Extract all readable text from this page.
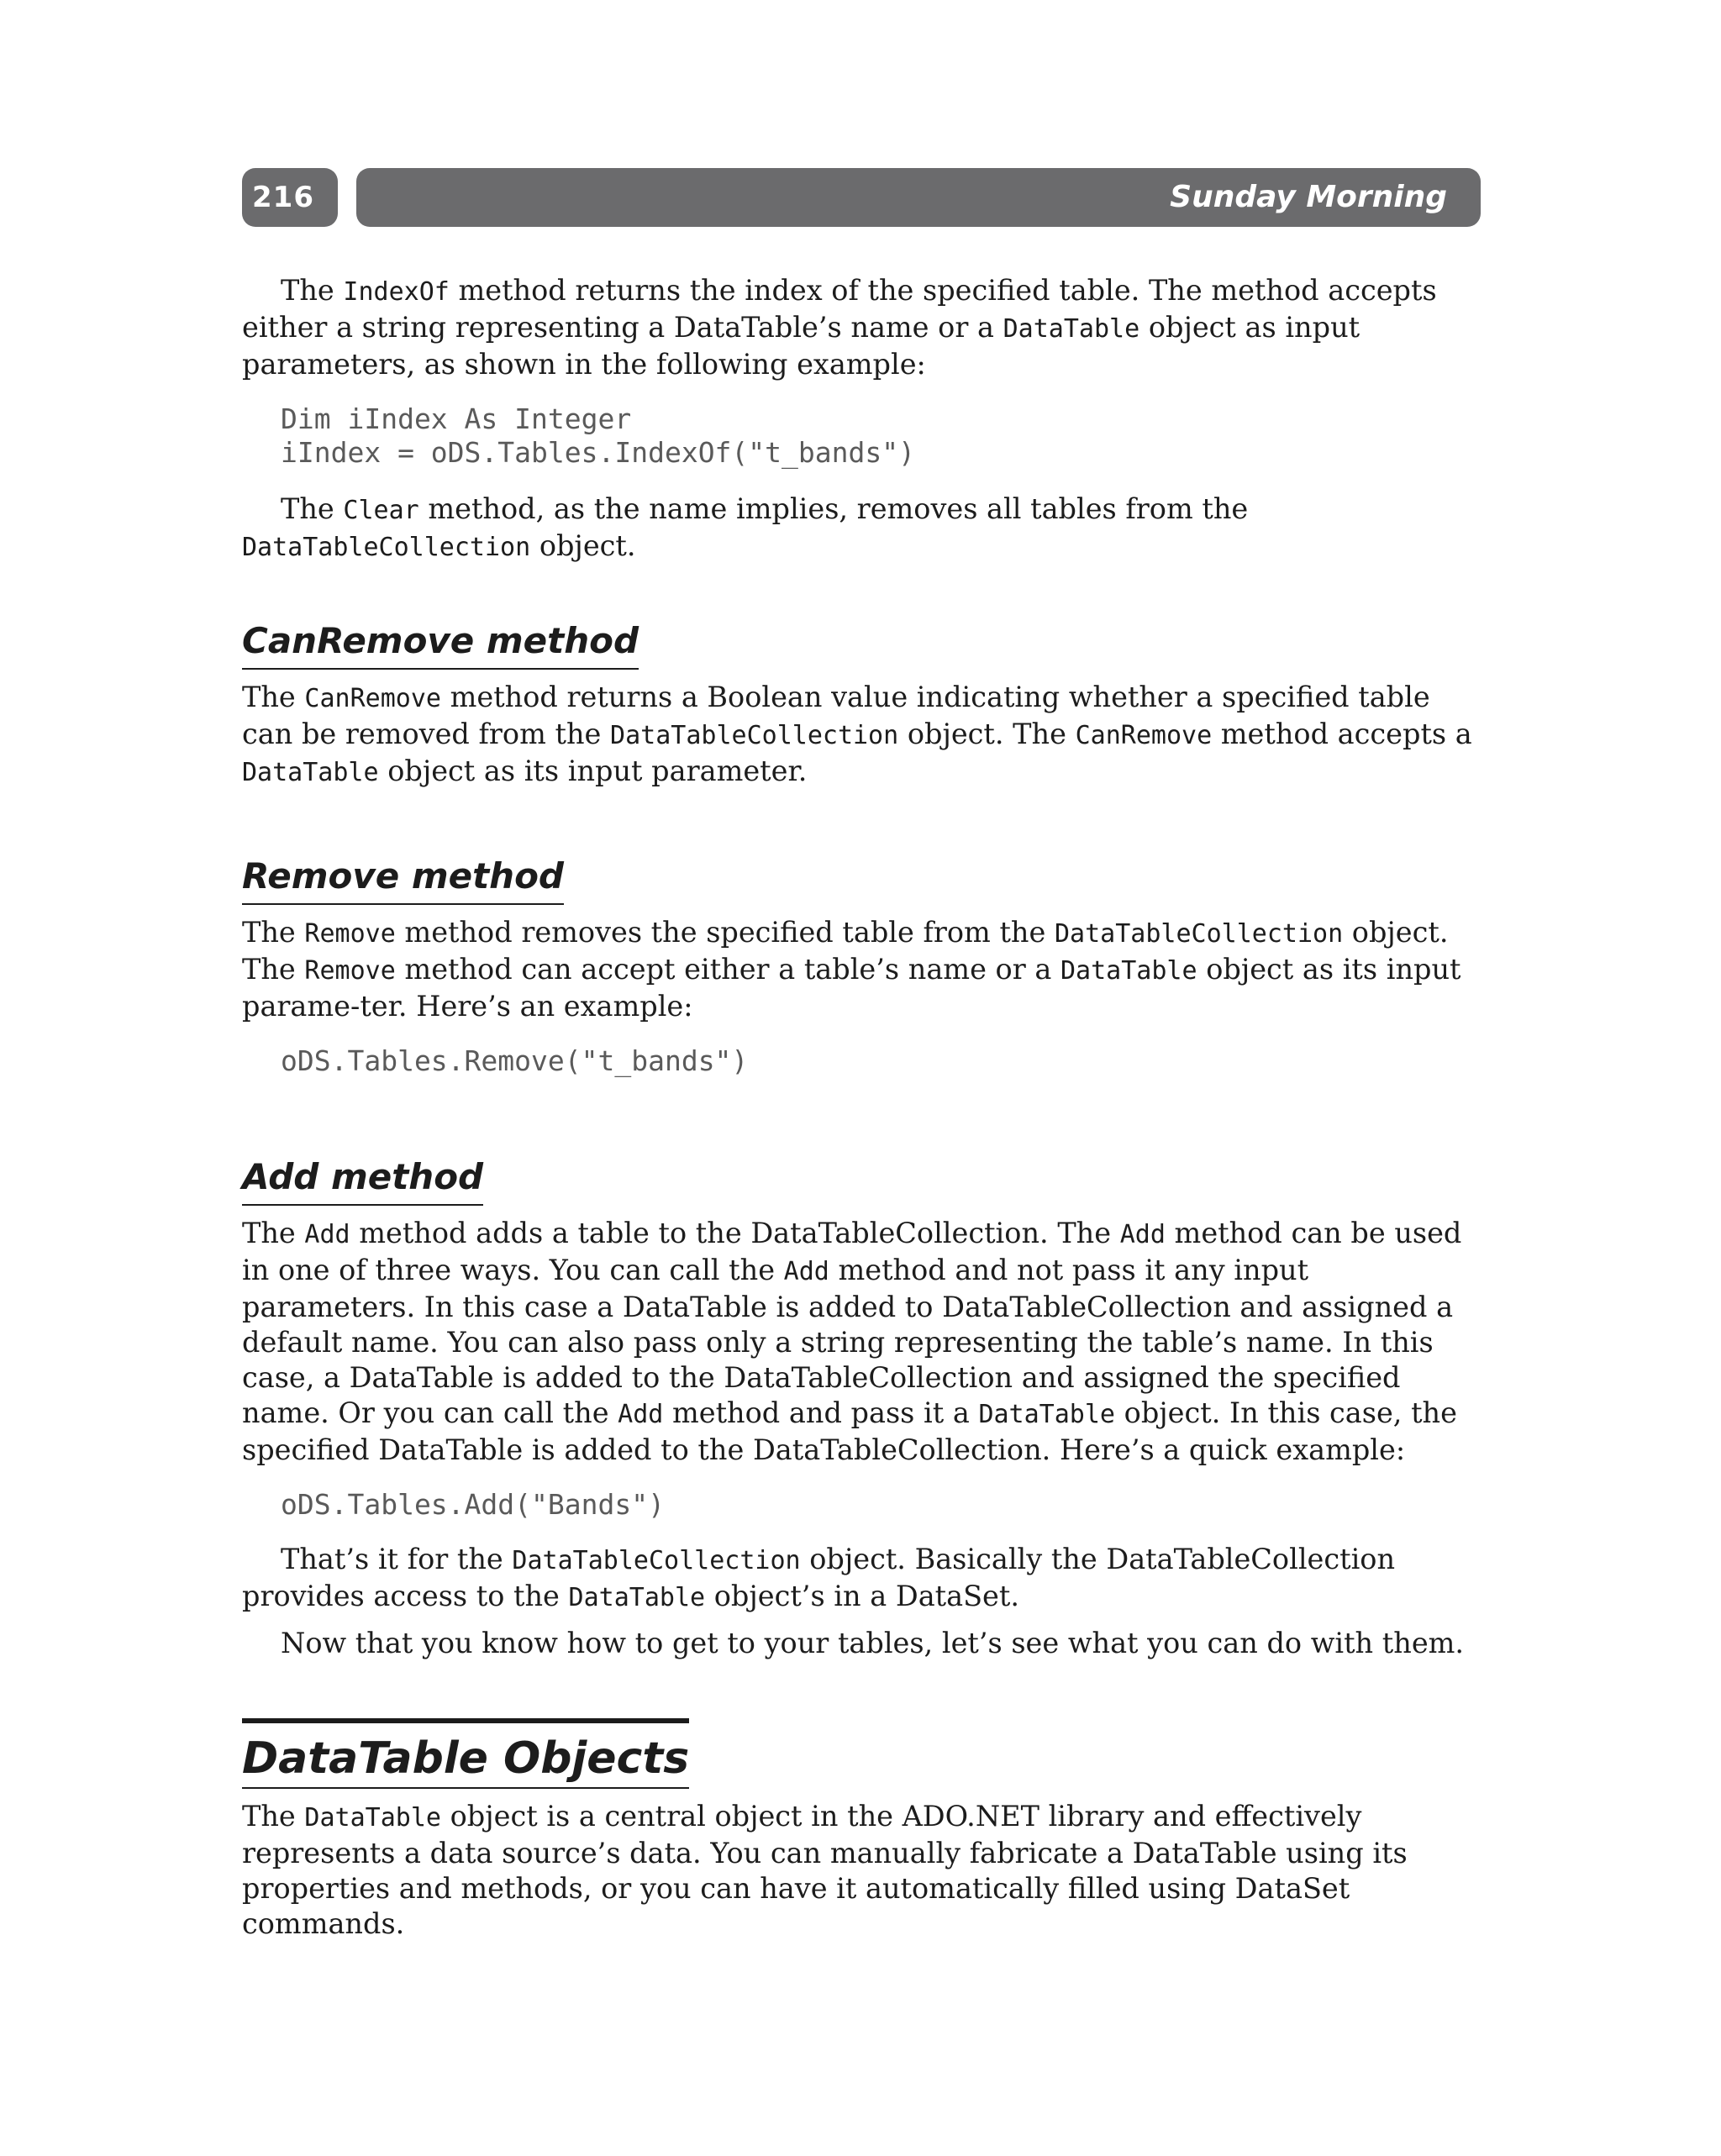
216	Sunday Morning

The IndexOf method returns the index of the specified table. The method accepts either a string representing a DataTable’s name or a DataTable object as input parameters, as shown in the following example:

Dim iIndex As Integer
iIndex = oDS.Tables.IndexOf("t_bands")

The Clear method, as the name implies, removes all tables from the DataTableCollection object.

CanRemove method

The CanRemove method returns a Boolean value indicating whether a specified table can be removed from the DataTableCollection object. The CanRemove method accepts a DataTable object as its input parameter.

Remove method

The Remove method removes the specified table from the DataTableCollection object. The Remove method can accept either a table’s name or a DataTable object as its input parame-ter. Here’s an example:

oDS.Tables.Remove("t_bands")
Add method

The Add method adds a table to the DataTableCollection. The Add method can be used in one of three ways. You can call the Add method and not pass it any input parameters. In this case a DataTable is added to DataTableCollection and assigned a default name. You can also pass only a string representing the table’s name. In this case, a DataTable is added to the DataTableCollection and assigned the specified name. Or you can call the Add method and pass it a DataTable object. In this case, the specified DataTable is added to the DataTableCollection. Here’s a quick example:

oDS.Tables.Add("Bands")

That’s it for the DataTableCollection object. Basically the DataTableCollection provides access to the DataTable object’s in a DataSet.

Now that you know how to get to your tables, let’s see what you can do with them.

DataTable Objects

The DataTable object is a central object in the ADO.NET library and effectively represents a data source’s data. You can manually fabricate a DataTable using its properties and methods, or you can have it automatically filled using DataSet commands.
